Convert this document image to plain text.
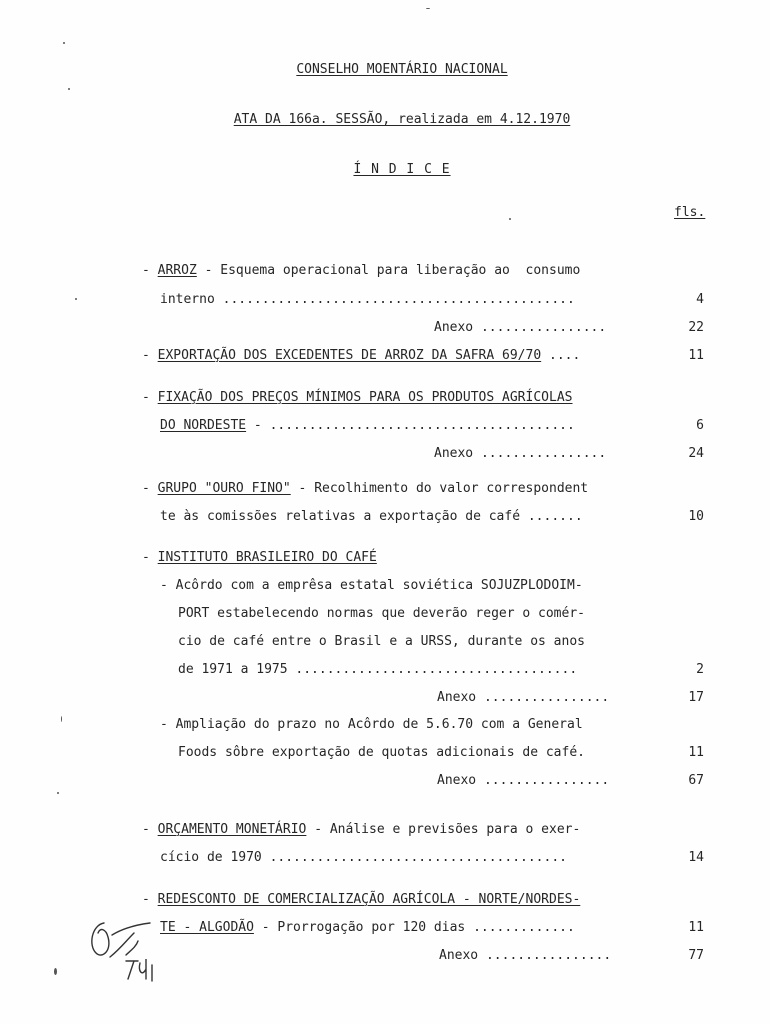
CONSELHO MOENTÁRIO NACIONAL
ATA DA 166a. SESSÃO, realizada em 4.12.1970
Í N D I C E
fls.
- ARROZ - Esquema operacional para liberação ao  consumo
interno .............................................	4
Anexo ................	22
- EXPORTAÇÃO DOS EXCEDENTES DE ARROZ DA SAFRA 69/70 ....	11
- FIXAÇÃO DOS PREÇOS MÍNIMOS PARA OS PRODUTOS AGRÍCOLAS
DO NORDESTE - .......................................	6
Anexo ................	24
- GRUPO "OURO FINO" - Recolhimento do valor correspondent
te às comissões relativas a exportação de café .......	10
- INSTITUTO BRASILEIRO DO CAFÉ
- Acôrdo com a emprêsa estatal soviética SOJUZPLODOIM-
PORT estabelecendo normas que deverão reger o comér-
cio de café entre o Brasil e a URSS, durante os anos
de 1971 a 1975 ....................................	2
Anexo ................	17
- Ampliação do prazo no Acôrdo de 5.6.70 com a General
Foods sôbre exportação de quotas adicionais de café.	11
Anexo ................	67
- ORÇAMENTO MONETÁRIO - Análise e previsões para o exer-
cício de 1970 ......................................	14
- REDESCONTO DE COMERCIALIZAÇÃO AGRÍCOLA - NORTE/NORDES-
TE - ALGODÃO - Prorrogação por 120 dias .............	11
Anexo ................	77
